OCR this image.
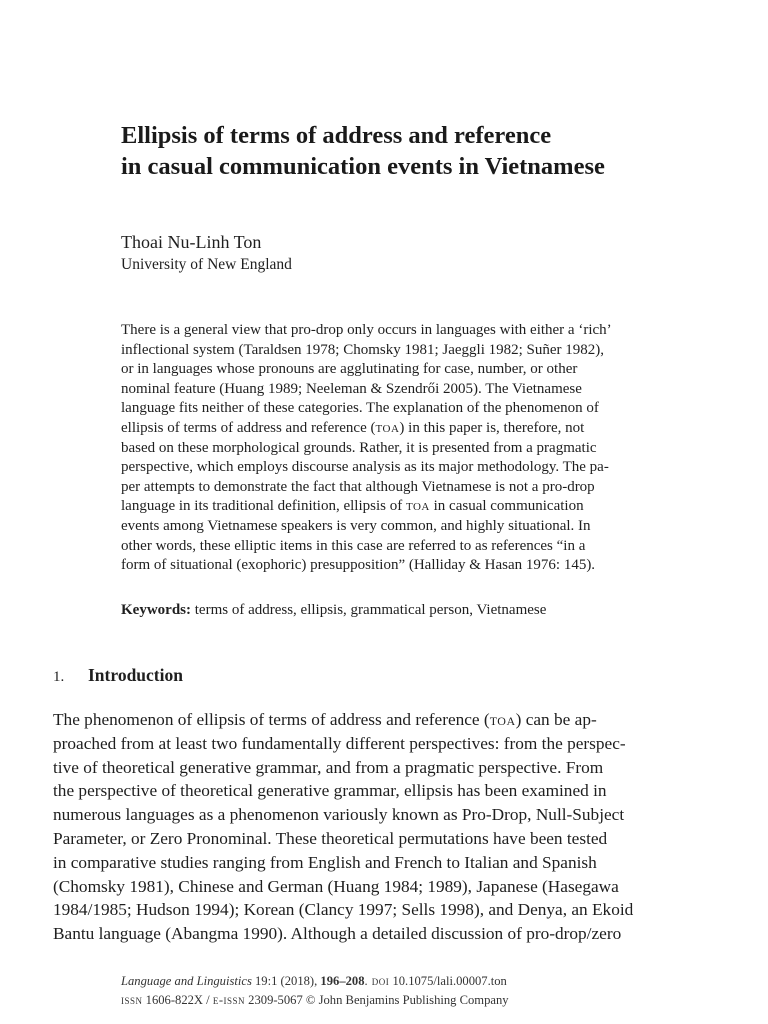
Ellipsis of terms of address and reference
in casual communication events in Vietnamese

Thoai Nu-Linh Ton

University of New England

There is a general view that pro-drop only occurs in languages with either a ‘rich’
inflectional system (Taraldsen 1978; Chomsky 1981; Jaeggli 1982; Suñer 1982),
or in languages whose pronouns are agglutinating for case, number, or other
nominal feature (Huang 1989; Neeleman & Szendrői 2005). The Vietnamese
language fits neither of these categories. The explanation of the phenomenon of
ellipsis of terms of address and reference (toa) in this paper is, therefore, not
based on these morphological grounds. Rather, it is presented from a pragmatic
perspective, which employs discourse analysis as its major methodology. The pa-
per attempts to demonstrate the fact that although Vietnamese is not a pro-drop
language in its traditional definition, ellipsis of toa in casual communication
events among Vietnamese speakers is very common, and highly situational. In
other words, these elliptic items in this case are referred to as references “in a
form of situational (exophoric) presupposition” (Halliday & Hasan 1976: 145).

Keywords: terms of address, ellipsis, grammatical person, Vietnamese

1. Introduction
The phenomenon of ellipsis of terms of address and reference (toa) can be ap-
proached from at least two fundamentally different perspectives: from the perspec-
tive of theoretical generative grammar, and from a pragmatic perspective. From
the perspective of theoretical generative grammar, ellipsis has been examined in
numerous languages as a phenomenon variously known as Pro-Drop, Null-Subject
Parameter, or Zero Pronominal. These theoretical permutations have been tested
in comparative studies ranging from English and French to Italian and Spanish
(Chomsky 1981), Chinese and German (Huang 1984; 1989), Japanese (Hasegawa
1984/1985; Hudson 1994); Korean (Clancy 1997; Sells 1998), and Denya, an Ekoid
Bantu language (Abangma 1990). Although a detailed discussion of pro-drop/zero
Language and Linguistics 19:1 (2018), 196–208. doi 10.1075/lali.00007.ton
issn 1606-822X / e-issn 2309-5067 © John Benjamins Publishing Company
